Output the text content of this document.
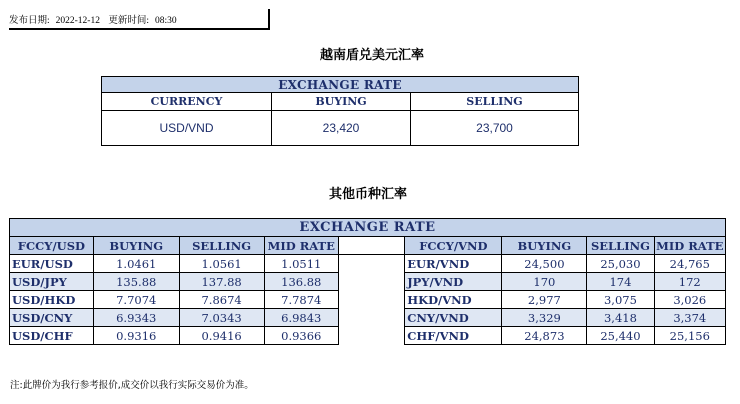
发布日期: 2022-12-12 更新时间: 08:30
越南盾兑美元汇率
EXCHANGE RATE		
CURRENCY	BUYING	SELLING
USD/VND	23,420	23,700
其他币种汇率
EXCHANGE RATE								
FCCY/USD	BUYING	SELLING	MID RATE		FCCY/VND	BUYING	SELLING	MID RATE
EUR/USD	1.0461	1.0561	1.0511		EUR/VND	24,500	25,030	24,765
USD/JPY	135.88	137.88	136.88		JPY/VND	170	174	172
USD/HKD	7.7074	7.8674	7.7874		HKD/VND	2,977	3,075	3,026
USD/CNY	6.9343	7.0343	6.9843		CNY/VND	3,329	3,418	3,374
USD/CHF	0.9316	0.9416	0.9366		CHF/VND	24,873	25,440	25,156
注:此牌价为我行参考报价,成交价以我行实际交易价为准。
